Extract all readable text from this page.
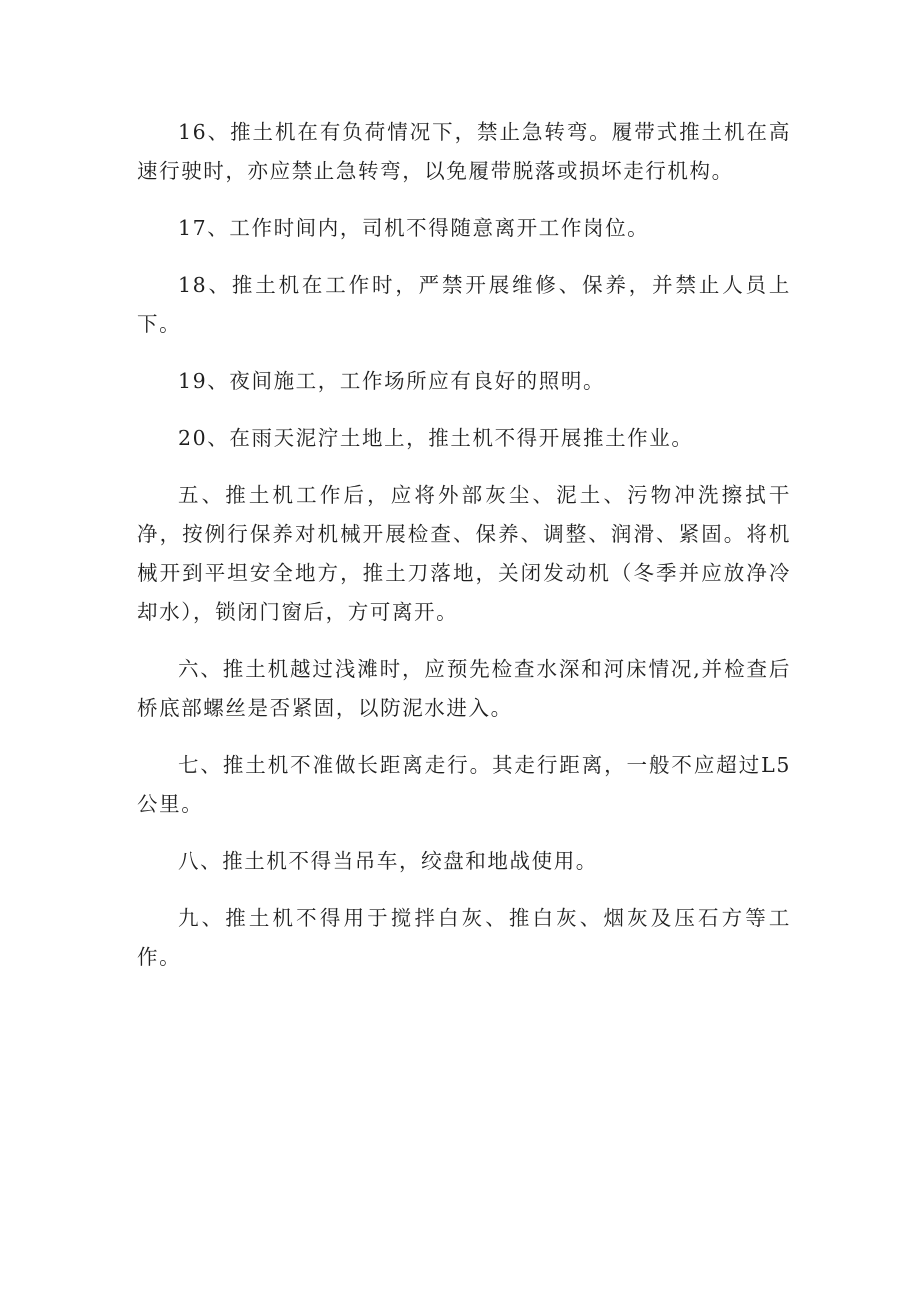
16、推土机在有负荷情况下，禁止急转弯。履带式推土机在高速行驶时，亦应禁止急转弯，以免履带脱落或损坏走行机构。

17、工作时间内，司机不得随意离开工作岗位。

18、推土机在工作时，严禁开展维修、保养，并禁止人员上下。

19、夜间施工，工作场所应有良好的照明。

20、在雨天泥泞土地上，推土机不得开展推土作业。

五、推土机工作后，应将外部灰尘、泥土、污物冲洗擦拭干净，按例行保养对机械开展检查、保养、调整、润滑、紧固。将机械开到平坦安全地方，推土刀落地，关闭发动机（冬季并应放净冷却水），锁闭门窗后，方可离开。

六、推土机越过浅滩时，应预先检查水深和河床情况,并检查后桥底部螺丝是否紧固，以防泥水进入。

七、推土机不准做长距离走行。其走行距离，一般不应超过L5公里。

八、推土机不得当吊车，绞盘和地战使用。

九、推土机不得用于搅拌白灰、推白灰、烟灰及压石方等工作。
